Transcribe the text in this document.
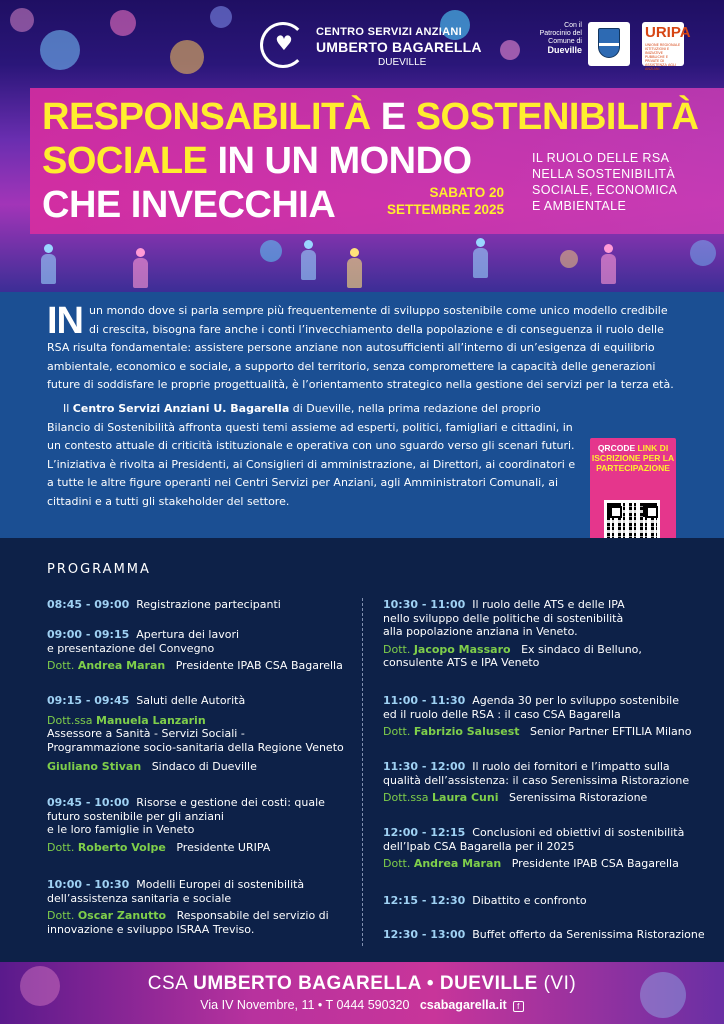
♥
CENTRO SERVIZI ANZIANI
UMBERTO BAGARELLA
DUEVILLE
Con il
Patrocinio del
Comune di
Dueville
URIPA
UNIONE REGIONALE ISTITUZIONI E INIZIATIVE PUBBLICHE E PRIVATE DI ASSISTENZA AGLI ANZIANI
RESPONSABILITÀ E SOSTENIBILITÀ
SOCIALE IN UN MONDO
CHE INVECCHIA	SABATO 20
SETTEMBRE 2025
IL RUOLO DELLE RSA
NELLA SOSTENIBILITÀ
SOCIALE, ECONOMICA
E AMBIENTALE
IN un mondo dove si parla sempre più frequentemente di sviluppo sostenibile come unico modello credibile di crescita, bisogna fare anche i conti l’invecchiamento della popolazione e di conseguenza il ruolo delle RSA risulta fondamentale: assistere persone anziane non autosufficienti all’interno di un’esigenza di equilibrio ambientale, economico e sociale, a supporto del territorio, senza compromettere la capacità delle generazioni future di soddisfare le proprie progettualità, è l’orientamento strategico nella gestione dei servizi per la terza età.
Il Centro Servizi Anziani U. Bagarella di Dueville, nella prima redazione del proprio Bilancio di Sostenibilità affronta questi temi assieme ad esperti, politici, famigliari e cittadini, in un contesto attuale di criticità istituzionale e operativa con uno sguardo verso gli scenari futuri. L’iniziativa è rivolta ai Presidenti, ai Consiglieri di amministrazione, ai Direttori, ai coordinatori e a tutte le altre figure operanti nei Centri Servizi per Anziani, agli Amministratori Comunali, ai cittadini e a tutti gli stakeholder del settore.
QRCODE LINK DI ISCRIZIONE PER LA PARTECIPAZIONE
PROGRAMMA
08:45 - 09:00 Registrazione partecipanti
09:00 - 09:15 Apertura dei lavori
e presentazione del Convegno
Dott. Andrea Maran Presidente IPAB CSA Bagarella
09:15 - 09:45 Saluti delle Autorità
Dott.ssa Manuela Lanzarin
Assessore a Sanità - Servizi Sociali -
Programmazione socio-sanitaria della Regione Veneto
Giuliano Stivan Sindaco di Dueville
09:45 - 10:00 Risorse e gestione dei costi: quale
futuro sostenibile per gli anziani
e le loro famiglie in Veneto
Dott. Roberto Volpe Presidente URIPA
10:00 - 10:30 Modelli Europei di sostenibilità
dell’assistenza sanitaria e sociale
Dott. Oscar Zanutto Responsabile del servizio di
innovazione e sviluppo ISRAA Treviso.
10:30 - 11:00 Il ruolo delle ATS e delle IPA
nello sviluppo delle politiche di sostenibilità
alla popolazione anziana in Veneto.
Dott. Jacopo Massaro Ex sindaco di Belluno,
consulente ATS e IPA Veneto
11:00 - 11:30 Agenda 30 per lo sviluppo sostenibile
ed il ruolo delle RSA : il caso CSA Bagarella
Dott. Fabrizio Salusest Senior Partner EFTILIA Milano
11:30 - 12:00 Il ruolo dei fornitori e l’impatto sulla
qualità dell’assistenza: il caso Serenissima Ristorazione
Dott.ssa Laura Cuni Serenissima Ristorazione
12:00 - 12:15 Conclusioni ed obiettivi di sostenibilità
dell’Ipab CSA Bagarella per il 2025
Dott. Andrea Maran Presidente IPAB CSA Bagarella
12:15 - 12:30 Dibattito e confronto
12:30 - 13:00 Buffet offerto da Serenissima Ristorazione
CSA UMBERTO BAGARELLA • DUEVILLE (VI)
Via IV Novembre, 11 • T 0444 590320 csabagarella.it f
